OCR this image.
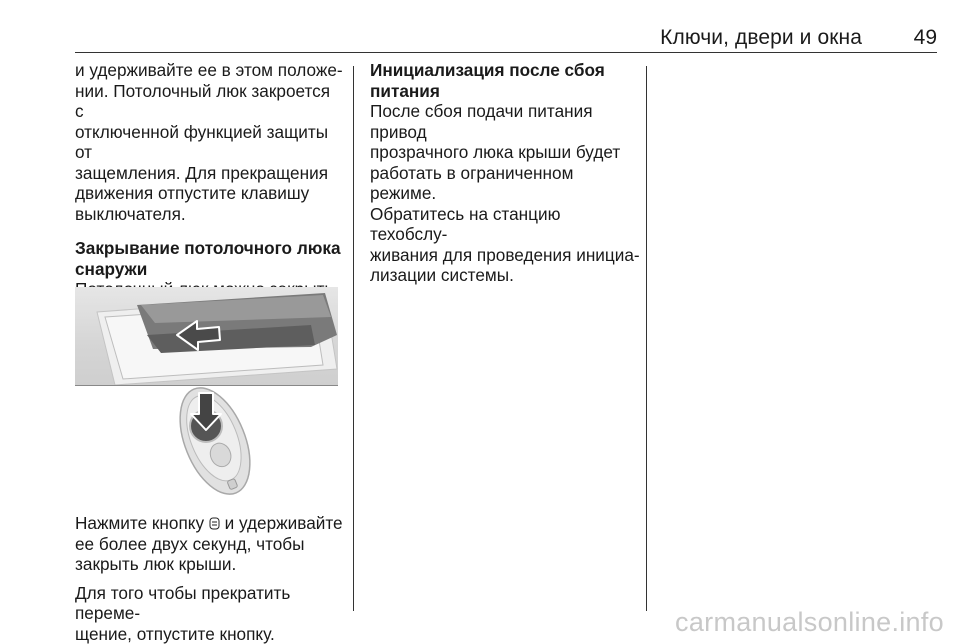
Ключи, двери и окна 49

и удерживайте ее в этом положе-
нии. Потолочный люк закроется с
отключенной функцией защиты от
защемления. Для прекращения
движения отпустите клавишу
выключателя.

Закрывание потолочного люка
снаружи

Нажмите кнопку  и удерживайте
ее более двух секунд, чтобы
закрыть люк крыши.

Для того чтобы прекратить переме-
щение, отпустите кнопку.

Инициализация после сбоя
питания

После сбоя подачи питания привод
прозрачного люка крыши будет
работать в ограниченном режиме.
Обратитесь на станцию техобслу-
живания для проведения инициа-
лизации системы.

carmanualsonline.info
